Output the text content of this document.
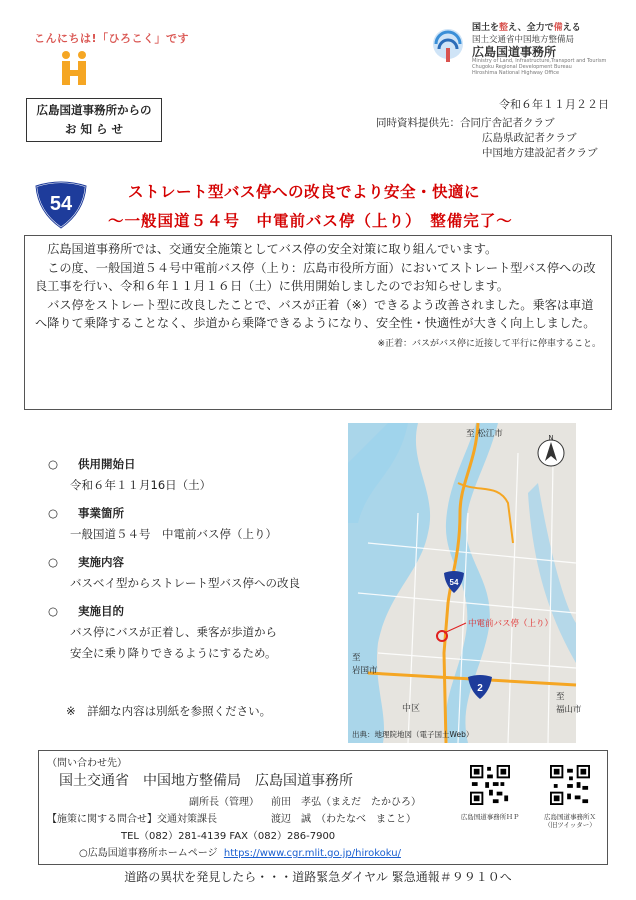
こんにちは!「ひろこく」です
広島国道事務所からの
お 知 ら せ
国土を整え、全力で備える
国土交通省中国地方整備局
広島国道事務所
Ministry of Land, Infrastructure,Transport and Tourism
Chugoku Regional Development Bureau
Hiroshima National Highway Office
令和６年１１月２２日
同時資料提供先：合同庁舎記者クラブ
広島県政記者クラブ
中国地方建設記者クラブ
54
ストレート型バス停への改良でより安全・快適に
～一般国道５４号　中電前バス停（上り）　整備完了～

広島国道事務所では、交通安全施策としてバス停の安全対策に取り組んでいます。

この度、一般国道５４号中電前バス停（上り：広島市役所方面）においてストレート型バス停への改良工事を行い、令和６年１１月１６日（土）に供用開始しましたのでお知らせします。

バス停をストレート型に改良したことで、バスが正着（※）できるよう改善されました。乗客は車道へ降りて乗降することなく、歩道から乗降できるようになり、安全性・快適性が大きく向上しました。

※正着：バスがバス停に近接して平行に停車すること。
○ 供用開始日
令和６年１１月16日（土）
○ 事業箇所
一般国道５４号　中電前バス停（上り）
○ 実施内容
バスベイ型からストレート型バス停への改良
○ 実施目的
バス停にバスが正着し、乗客が歩道から
安全に乗り降りできるようにするため。
※　詳細な内容は別紙を参照ください。
N
至 松江市
至
岩国市
至
福山市
54
中電前バス停（上り）
2
中区
出典：地理院地図（電子国土Web）
（問い合わせ先）
国土交通省　中国地方整備局　広島国道事務所
副所長（管理） 前田　孝弘（まえだ　たかひろ）
【施策に関する問合せ】交通対策課長	渡辺　誠　（わたなべ　まこと）
TEL（082）281-4139 FAX（082）286-7900
○広島国道事務所ホームページ https://www.cgr.mlit.go.jp/hirokoku/
広島国道事務所ＨＰ	広島国道事務所Ｘ
（旧ツイッター）
道路の異状を発見したら・・・道路緊急ダイヤル 緊急通報＃９９１０へ
